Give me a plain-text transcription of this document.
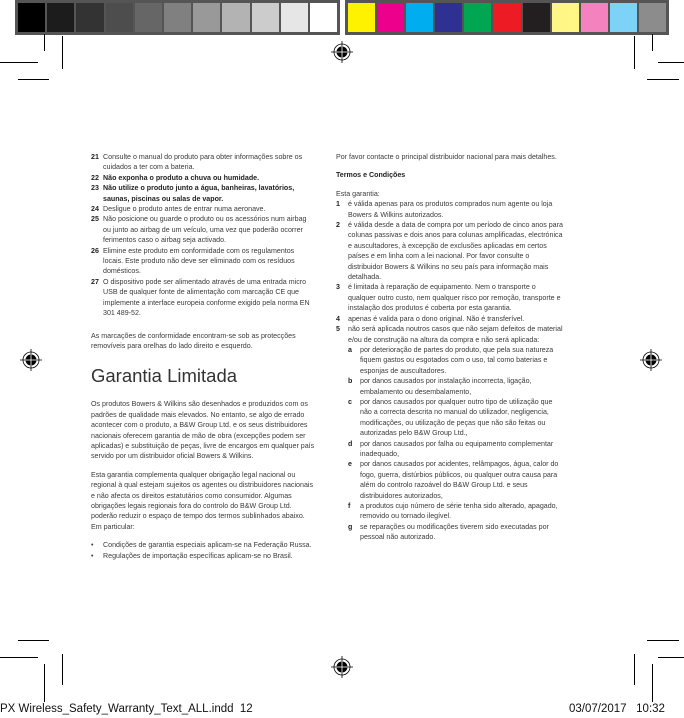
21 Consulte o manual do produto para obter informações sobre os cuidados a ter com a bateria.
22 Não exponha o produto a chuva ou humidade.
23 Não utilize o produto junto a água, banheiras, lavatórios, saunas, piscinas ou salas de vapor.
24 Desligue o produto antes de entrar numa aeronave.
25 Não posicione ou guarde o produto ou os acessórios num airbag ou junto ao airbag de um veículo, uma vez que poderão ocorrer ferimentos caso o airbag seja activado.
26 Elimine este produto em conformidade com os regulamentos locais. Este produto não deve ser eliminado com os resíduos domésticos.
27 O dispositivo pode ser alimentado através de uma entrada micro USB de qualquer fonte de alimentação com marcação CE que implemente a interface europeia conforme exigido pela norma EN 301 489-52.

As marcações de conformidade encontram-se sob as protecções removíveis para orelhas do lado direito e esquerdo.

Garantia Limitada

Os produtos Bowers & Wilkins são desenhados e produzidos com os padrões de qualidade mais elevados. No entanto, se algo de errado acontecer com o produto, a B&W Group Ltd. e os seus distribuidores nacionais oferecem garantia de mão de obra (excepções podem ser aplicadas) e substituição de peças, livre de encargos em qualquer país servido por um distribuidor oficial Bowers & Wilkins.

Esta garantia complementa qualquer obrigação legal nacional ou regional à qual estejam sujeitos os agentes ou distribuidores nacionais e não afecta os direitos estatutários como consumidor. Algumas obrigações legais regionais fora do controlo do B&W Group Ltd. poderão reduzir o espaço de tempo dos termos sublinhados abaixo. Em particular:

•	Condições de garantia especiais aplicam-se na Federação Russa.
•	Regulações de importação específicas aplicam-se no Brasil.

Por favor contacte o principal distribuidor nacional para mais detalhes.

Termos e Condições

Esta garantia:

1	é válida apenas para os produtos comprados num agente ou loja Bowers & Wilkins autorizados.
2	é válida desde a data de compra por um período de cinco anos para colunas passivas e dois anos para colunas amplificadas, electrónica e auscultadores, à excepção de exclusões aplicadas em certos países e em linha com a lei nacional. Por favor consulte o distribuidor Bowers & Wilkins no seu país para informação mais detalhada.
3	é limitada à reparação de equipamento. Nem o transporte o qualquer outro custo, nem qualquer risco por remoção, transporte e instalação dos produtos é coberta por esta garantia.
4	apenas é valida para o dono original. Não é transferível.
5	não será aplicada noutros casos que não sejam defeitos de material e/ou de construção na altura da compra e não será aplicada:
a	por deterioração de partes do produto, que pela sua natureza fiquem gastos ou esgotados com o uso, tal como baterias e esponjas de auscultadores.
b	por danos causados por instalação incorrecta, ligação, embalamento ou desembalamento,
c	por danos causados por qualquer outro tipo de utilização que não a correcta descrita no manual do utilizador, negligencia, modificações, ou utilização de peças que não são feitas ou autorizadas pelo B&W Group Ltd.,
d	por danos causados por falha ou equipamento complementar inadequado,
e	por danos causados por acidentes, relâmpagos, água, calor do fogo, guerra, distúrbios públicos, ou qualquer outra causa para além do controlo razoável do B&W Group Ltd. e seus distribuidores autorizados,
f	a produtos cujo número de série tenha sido alterado, apagado, removido ou tornado ilegível.
g	se reparações ou modificações tiverem sido executadas por pessoal não autorizado.
PX Wireless_Safety_Warranty_Text_ALL.indd 12	03/07/2017 10:32
